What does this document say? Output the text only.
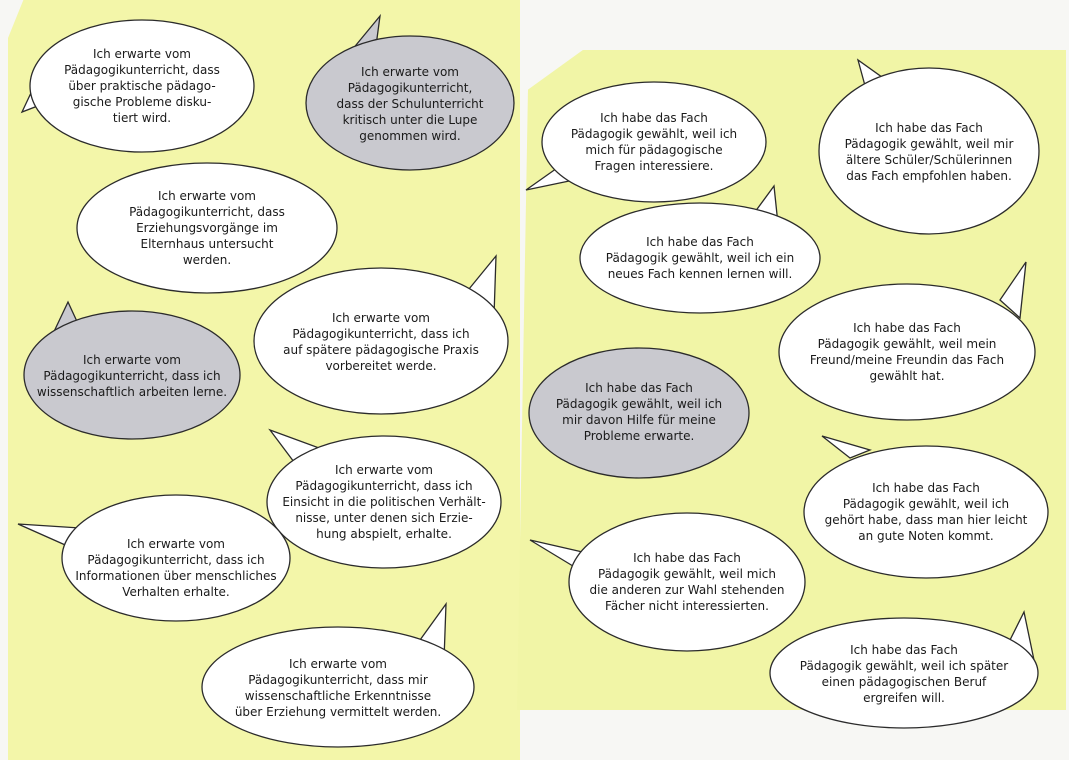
Ich erwarte vom
Pädagogikunterricht, dass
über praktische pädago-
gische Probleme disku-
tiert wird.
Ich erwarte vom
Pädagogikunterricht,
dass der Schulunterricht
kritisch unter die Lupe
genommen wird.
Ich erwarte vom
Pädagogikunterricht, dass
Erziehungsvorgänge im
Elternhaus untersucht
werden.
Ich erwarte vom
Pädagogikunterricht, dass ich
auf spätere pädagogische Praxis
vorbereitet werde.
Ich erwarte vom
Pädagogikunterricht, dass ich
wissenschaftlich arbeiten lerne.
Ich erwarte vom
Pädagogikunterricht, dass ich
Einsicht in die politischen Verhält-
nisse, unter denen sich Erzie-
hung abspielt, erhalte.
Ich erwarte vom
Pädagogikunterricht, dass ich
Informationen über menschliches
Verhalten erhalte.
Ich erwarte vom
Pädagogikunterricht, dass mir
wissenschaftliche Erkenntnisse
über Erziehung vermittelt werden.
Ich habe das Fach
Pädagogik gewählt, weil ich
mich für pädagogische
Fragen interessiere.
Ich habe das Fach
Pädagogik gewählt, weil mir
ältere Schüler/Schülerinnen
das Fach empfohlen haben.
Ich habe das Fach
Pädagogik gewählt, weil ich ein
neues Fach kennen lernen will.
Ich habe das Fach
Pädagogik gewählt, weil mein
Freund/meine Freundin das Fach
gewählt hat.
Ich habe das Fach
Pädagogik gewählt, weil ich
mir davon Hilfe für meine
Probleme erwarte.
Ich habe das Fach
Pädagogik gewählt, weil ich
gehört habe, dass man hier leicht
an gute Noten kommt.
Ich habe das Fach
Pädagogik gewählt, weil mich
die anderen zur Wahl stehenden
Fächer nicht interessierten.
Ich habe das Fach
Pädagogik gewählt, weil ich später
einen pädagogischen Beruf
ergreifen will.
